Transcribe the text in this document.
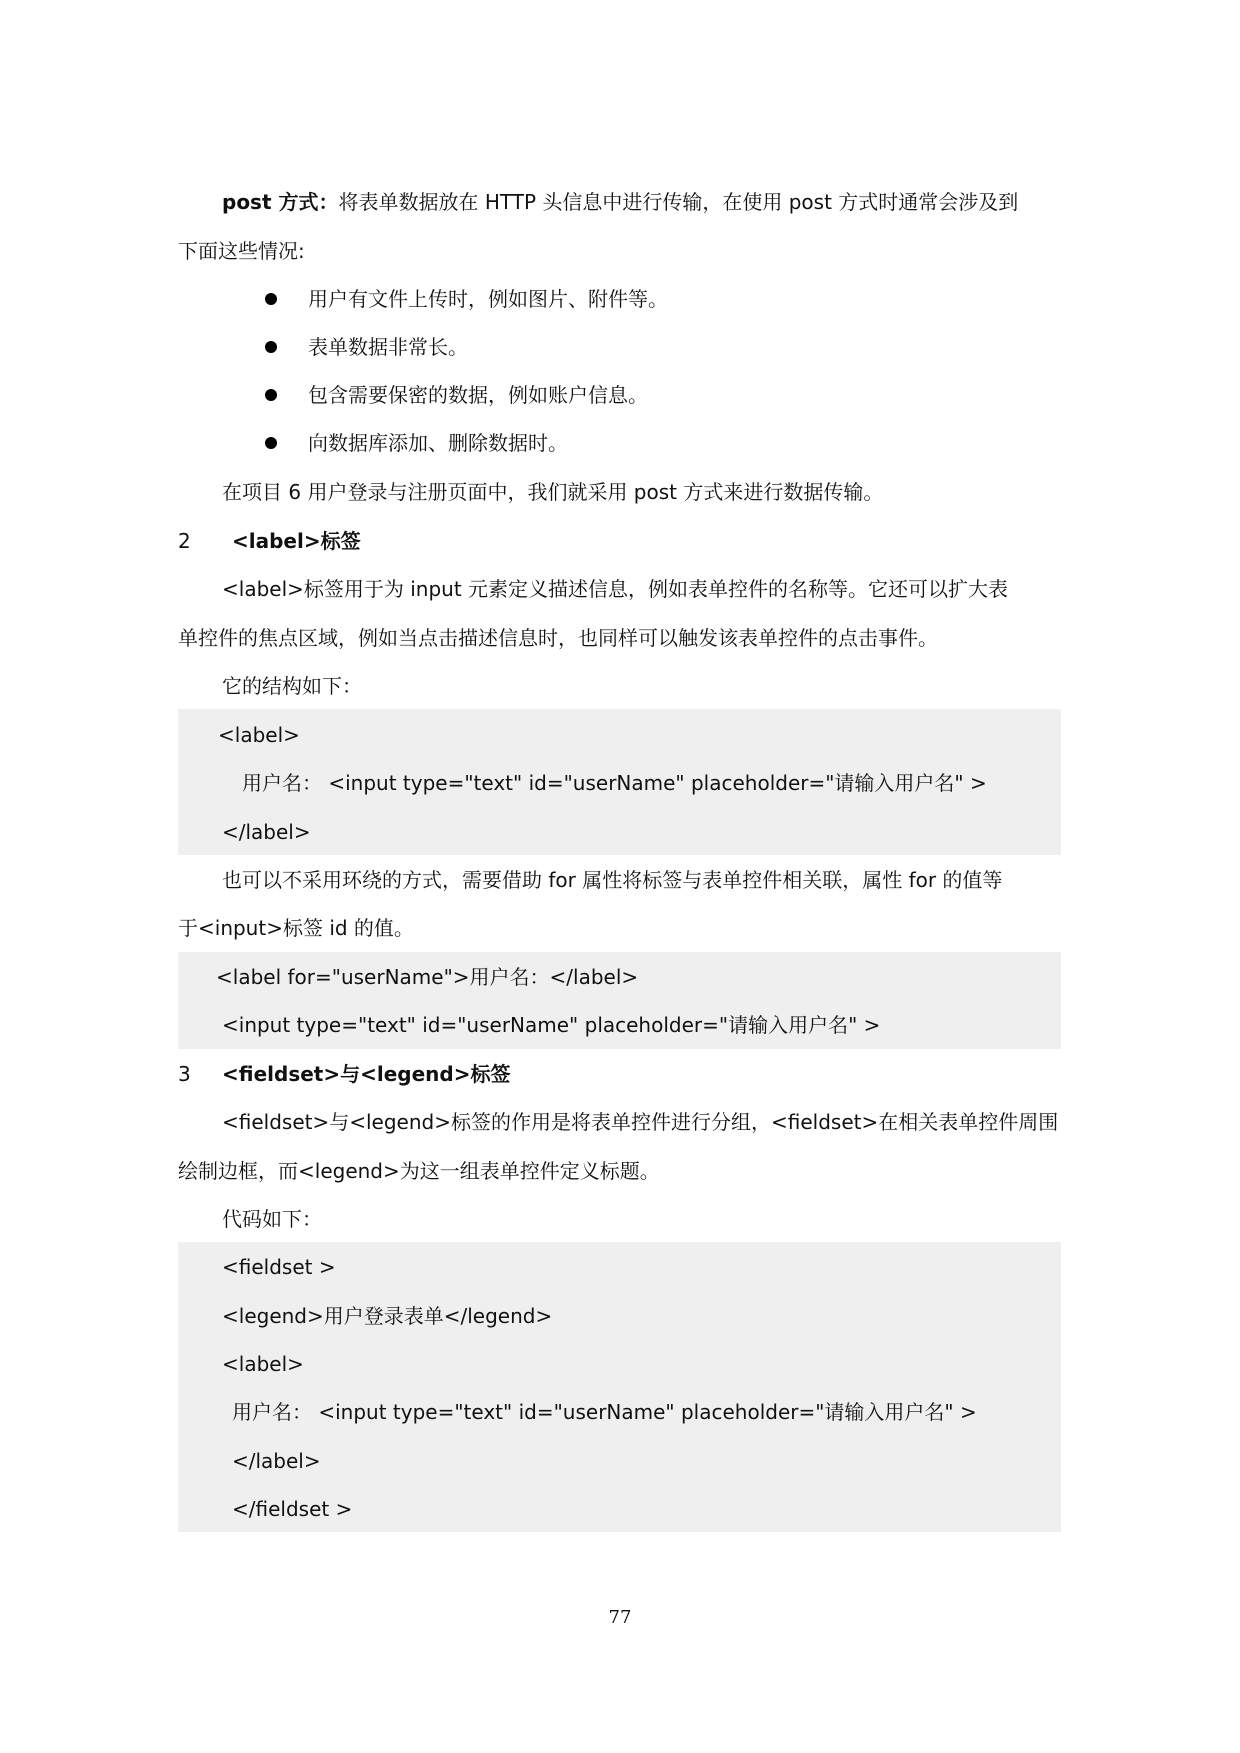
post 方式：将表单数据放在 HTTP 头信息中进行传输，在使用 post 方式时通常会涉及到
下面这些情况:
用户有文件上传时，例如图片、附件等。
表单数据非常长。
包含需要保密的数据，例如账户信息。
向数据库添加、删除数据时。
在项目 6 用户登录与注册页面中，我们就采用 post 方式来进行数据传输。
2 <label>标签
<label>标签用于为 input 元素定义描述信息，例如表单控件的名称等。它还可以扩大表
单控件的焦点区域，例如当点击描述信息时，也同样可以触发该表单控件的点击事件。
它的结构如下：
<label>
用户名： <input type="text" id="userName" placeholder="请输入用户名" >
</label>
也可以不采用环绕的方式，需要借助 for 属性将标签与表单控件相关联，属性 for 的值等
于<input>标签 id 的值。
<label for="userName">用户名：</label>
<input type="text" id="userName" placeholder="请输入用户名" >
3 <fieldset>与<legend>标签
<fieldset>与<legend>标签的作用是将表单控件进行分组，<fieldset>在相关表单控件周围
绘制边框，而<legend>为这一组表单控件定义标题。
代码如下：
<fieldset >
<legend>用户登录表单</legend>
<label>
用户名： <input type="text" id="userName" placeholder="请输入用户名" >
</label>
</fieldset >
77
